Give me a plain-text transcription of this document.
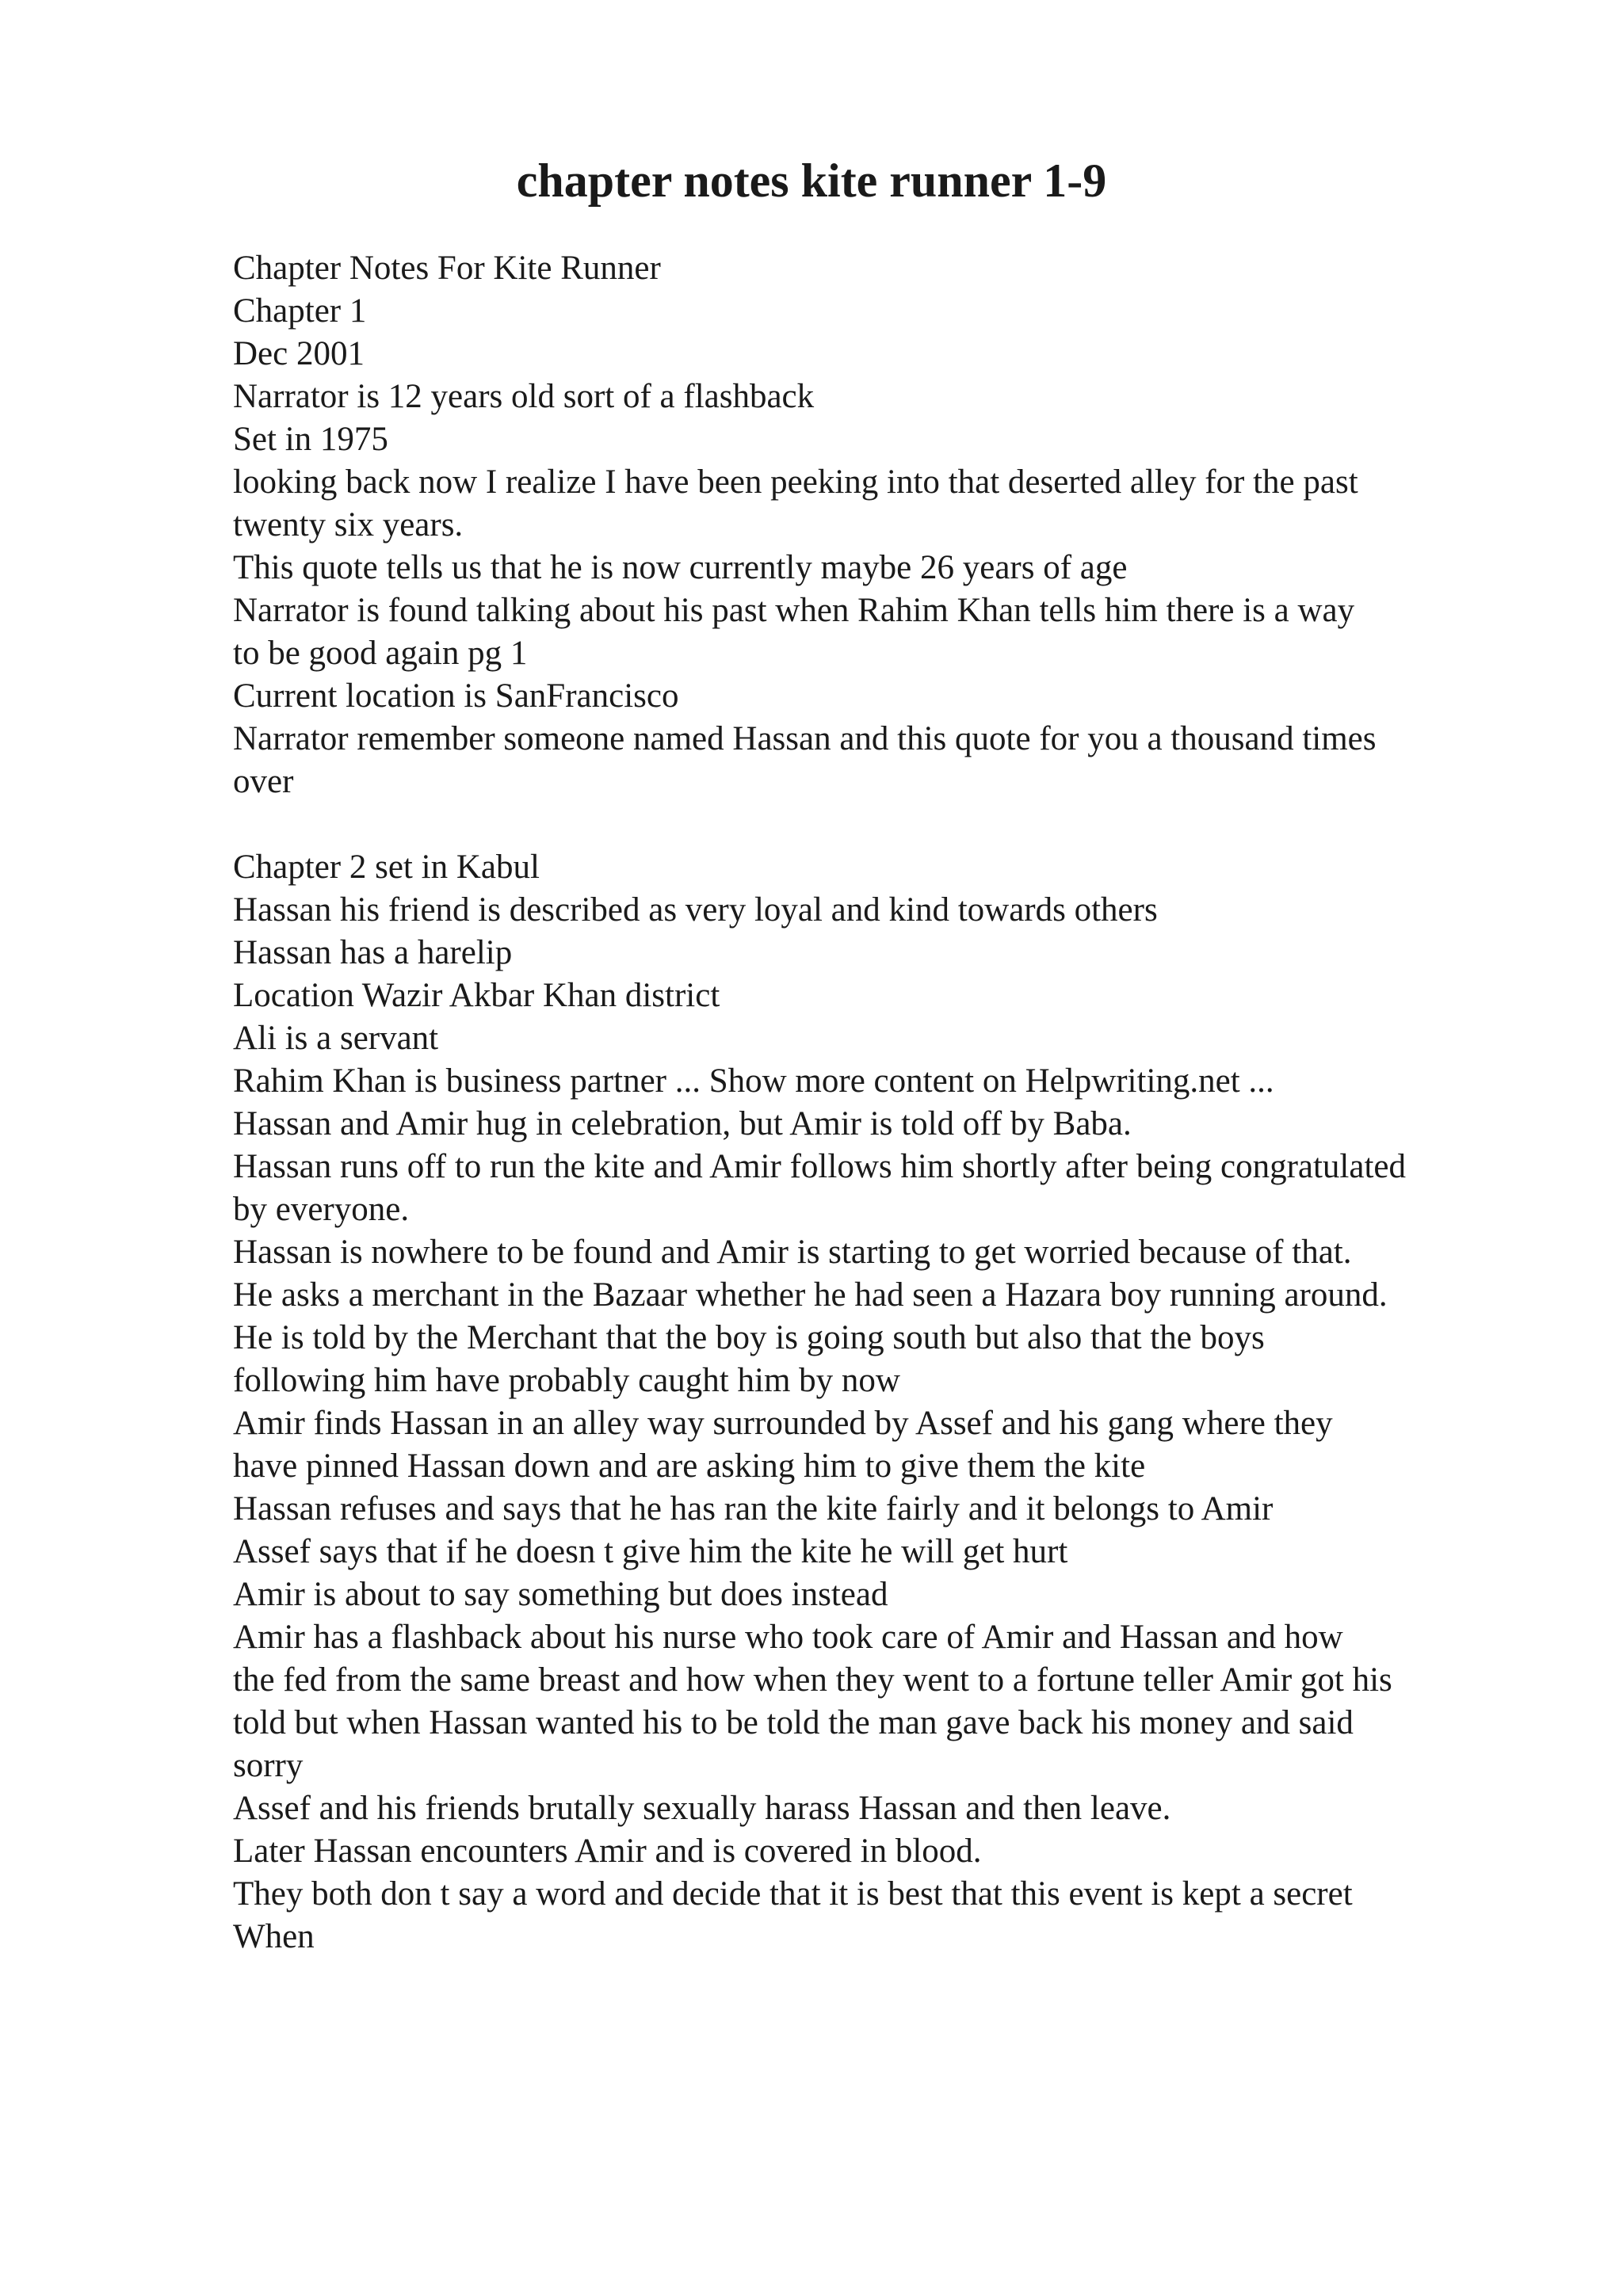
chapter notes kite runner 1-9
Chapter Notes For Kite Runner
Chapter 1
Dec 2001
Narrator is 12 years old sort of a flashback
Set in 1975
looking back now I realize I have been peeking into that deserted alley for the past
twenty six years.
This quote tells us that he is now currently maybe 26 years of age
Narrator is found talking about his past when Rahim Khan tells him there is a way
to be good again pg 1
Current location is SanFrancisco
Narrator remember someone named Hassan and this quote for you a thousand times
over
Chapter 2 set in Kabul
Hassan his friend is described as very loyal and kind towards others
Hassan has a harelip
Location Wazir Akbar Khan district
Ali is a servant
Rahim Khan is business partner ... Show more content on Helpwriting.net ...
Hassan and Amir hug in celebration, but Amir is told off by Baba.
Hassan runs off to run the kite and Amir follows him shortly after being congratulated
by everyone.
Hassan is nowhere to be found and Amir is starting to get worried because of that.
He asks a merchant in the Bazaar whether he had seen a Hazara boy running around.
He is told by the Merchant that the boy is going south but also that the boys
following him have probably caught him by now
Amir finds Hassan in an alley way surrounded by Assef and his gang where they
have pinned Hassan down and are asking him to give them the kite
Hassan refuses and says that he has ran the kite fairly and it belongs to Amir
Assef says that if he doesn t give him the kite he will get hurt
Amir is about to say something but does instead
Amir has a flashback about his nurse who took care of Amir and Hassan and how
the fed from the same breast and how when they went to a fortune teller Amir got his
told but when Hassan wanted his to be told the man gave back his money and said
sorry
Assef and his friends brutally sexually harass Hassan and then leave.
Later Hassan encounters Amir and is covered in blood.
They both don t say a word and decide that it is best that this event is kept a secret
When
